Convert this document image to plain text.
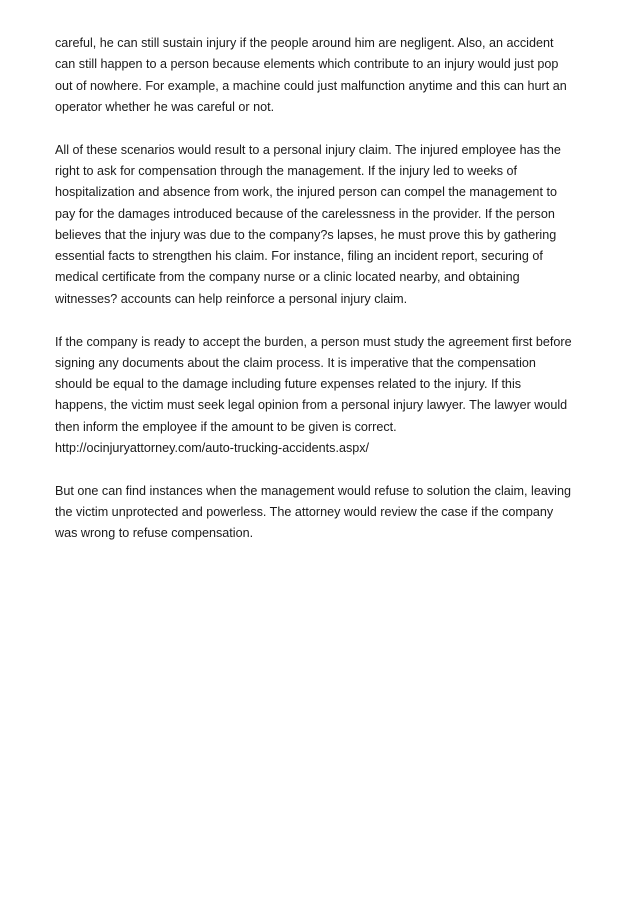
careful, he can still sustain injury if the people around him are negligent. Also, an accident
can still happen to a person because elements which contribute to an injury would just pop
out of nowhere. For example, a machine could just malfunction anytime and this can hurt an
operator whether he was careful or not.

All of these scenarios would result to a personal injury claim. The injured employee has the
right to ask for compensation through the management. If the injury led to weeks of
hospitalization and absence from work, the injured person can compel the management to
pay for the damages introduced because of the carelessness in the provider. If the person
believes that the injury was due to the company?s lapses, he must prove this by gathering
essential facts to strengthen his claim. For instance, filing an incident report, securing of
medical certificate from the company nurse or a clinic located nearby, and obtaining
witnesses? accounts can help reinforce a personal injury claim.

If the company is ready to accept the burden, a person must study the agreement first before
signing any documents about the claim process. It is imperative that the compensation
should be equal to the damage including future expenses related to the injury. If this
happens, the victim must seek legal opinion from a personal injury lawyer. The lawyer would
then inform the employee if the amount to be given is correct.
http://ocinjuryattorney.com/auto-trucking-accidents.aspx/

But one can find instances when the management would refuse to solution the claim, leaving
the victim unprotected and powerless. The attorney would review the case if the company
was wrong to refuse compensation.
